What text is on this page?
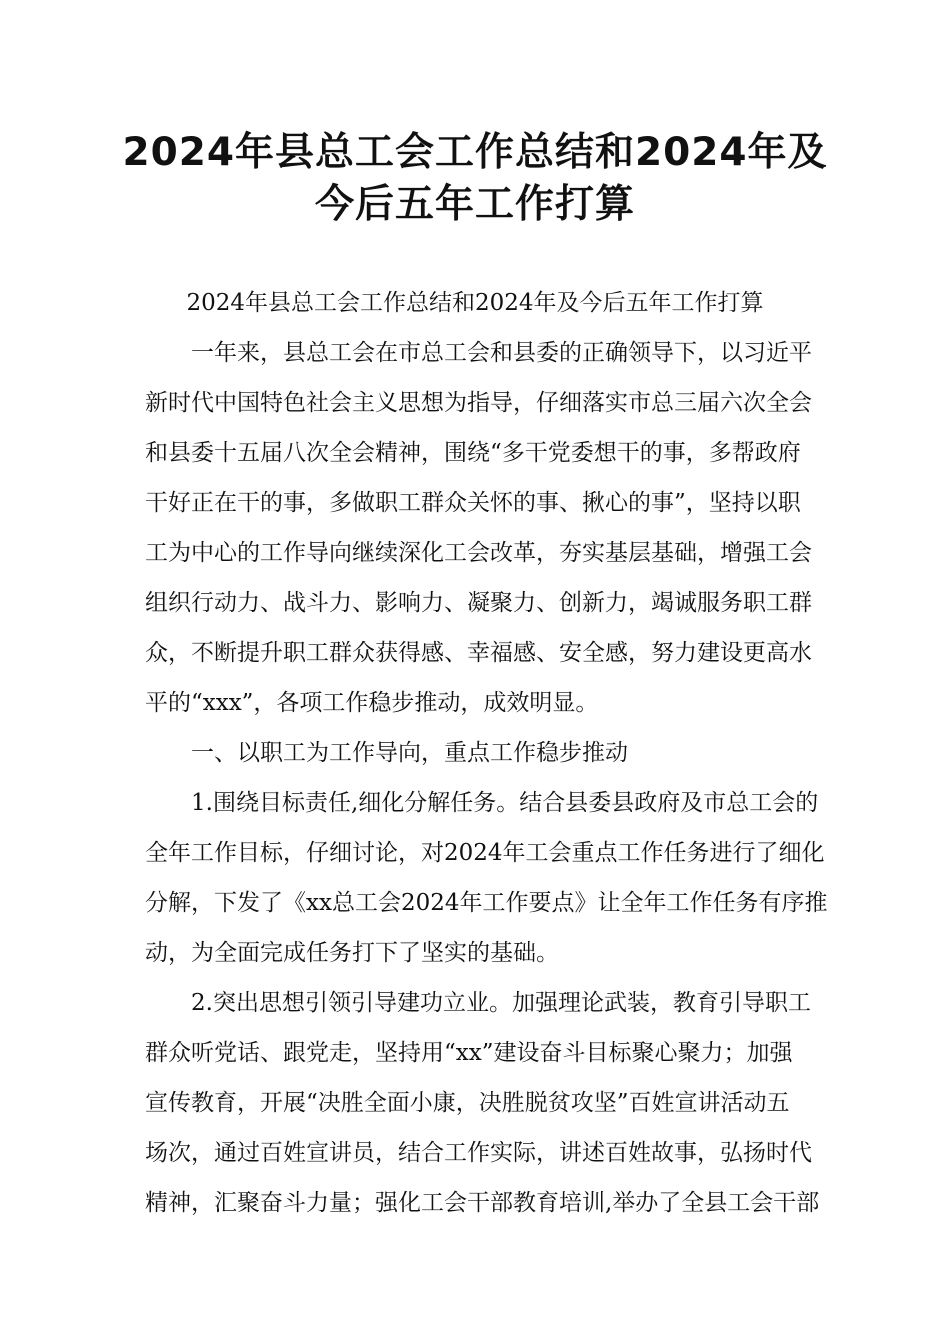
2024年县总工会工作总结和2024年及
今后五年工作打算
2024年县总工会工作总结和2024年及今后五年工作打算
　　一年来，县总工会在市总工会和县委的正确领导下，以习近平
新时代中国特色社会主义思想为指导，仔细落实市总三届六次全会
和县委十五届八次全会精神，围绕“多干党委想干的事，多帮政府
干好正在干的事，多做职工群众关怀的事、揪心的事”，坚持以职
工为中心的工作导向继续深化工会改革，夯实基层基础，增强工会
组织行动力、战斗力、影响力、凝聚力、创新力，竭诚服务职工群
众，不断提升职工群众获得感、幸福感、安全感，努力建设更高水
平的“xxx”，各项工作稳步推动，成效明显。
　　一、以职工为工作导向，重点工作稳步推动
　　1.围绕目标责任,细化分解任务。结合县委县政府及市总工会的
全年工作目标，仔细讨论，对2024年工会重点工作任务进行了细化
分解，下发了《xx总工会2024年工作要点》让全年工作任务有序推
动，为全面完成任务打下了坚实的基础。
　　2.突出思想引领引导建功立业。加强理论武装，教育引导职工
群众听党话、跟党走，坚持用“xx”建设奋斗目标聚心聚力；加强
宣传教育，开展“决胜全面小康，决胜脱贫攻坚”百姓宣讲活动五
场次，通过百姓宣讲员，结合工作实际，讲述百姓故事，弘扬时代
精神，汇聚奋斗力量；强化工会干部教育培训,举办了全县工会干部
